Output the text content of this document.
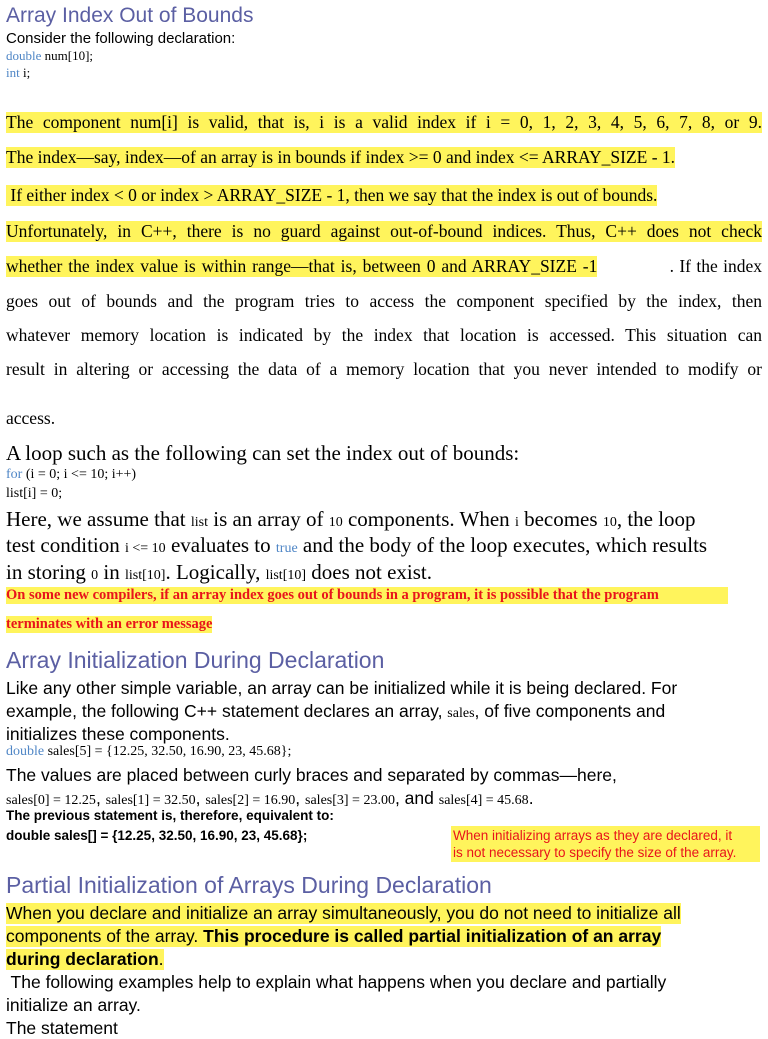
Array Index Out of Bounds
Consider the following declaration:
double num[10];
int i;
The component num[i] is valid, that is, i is a valid index if i = 0, 1, 2, 3, 4, 5, 6, 7, 8, or 9.
The index—say, index—of an array is in bounds if index >= 0 and index <= ARRAY_SIZE - 1.
If either index < 0 or index > ARRAY_SIZE - 1, then we say that the index is out of bounds.
Unfortunately, in C++, there is no guard against out-of-bound indices. Thus, C++ does not check
whether the index value is within range—that is, between 0 and ARRAY_SIZE -1	. If the index
goes out of bounds and the program tries to access the component specified by the index, then
whatever memory location is indicated by the index that location is accessed. This situation can
result in altering or accessing the data of a memory location that you never intended to modify or
access.
A loop such as the following can set the index out of bounds:
for (i = 0; i <= 10; i++)
list[i] = 0;
Here, we assume that list is an array of 10 components. When i becomes 10, the loop
test condition i <= 10 evaluates to true and the body of the loop executes, which results
in storing 0 in list[10]. Logically, list[10] does not exist.
On some new compilers, if an array index goes out of bounds in a program, it is possible that the program
terminates with an error message
Array Initialization During Declaration
Like any other simple variable, an array can be initialized while it is being declared. For
example, the following C++ statement declares an array, sales, of five components and
initializes these components.
double sales[5] = {12.25, 32.50, 16.90, 23, 45.68};
The values are placed between curly braces and separated by commas—here,
sales[0] = 12.25, sales[1] = 32.50, sales[2] = 16.90, sales[3] = 23.00, and sales[4] = 45.68.
The previous statement is, therefore, equivalent to:
double sales[] = {12.25, 32.50, 16.90, 23, 45.68};	When initializing arrays as they are declared, it
is not necessary to specify the size of the array.
Partial Initialization of Arrays During Declaration
When you declare and initialize an array simultaneously, you do not need to initialize all
components of the array. This procedure is called partial initialization of an array
during declaration.
The following examples help to explain what happens when you declare and partially
initialize an array.
The statement
